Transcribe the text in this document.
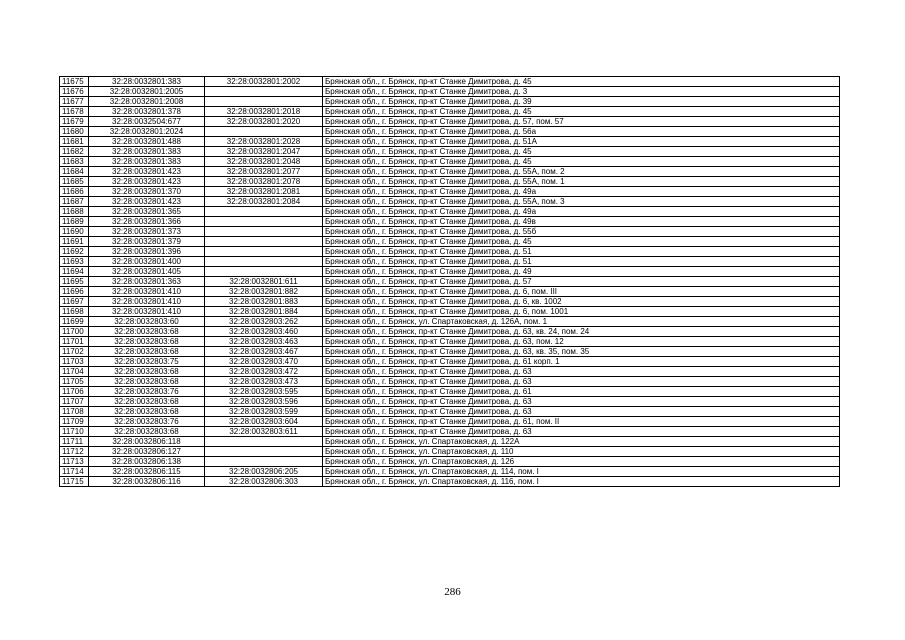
11675	32:28:0032801:383	32:28:0032801:2002	Брянская обл., г. Брянск, пр-кт Станке Димитрова, д. 45
11676	32:28:0032801:2005		Брянская обл., г. Брянск, пр-кт Станке Димитрова, д. 3
11677	32:28:0032801:2008		Брянская обл., г. Брянск, пр-кт Станке Димитрова, д. 39
11678	32:28:0032801:378	32:28:0032801:2018	Брянская обл., г. Брянск, пр-кт Станке Димитрова, д. 45
11679	32:28:0032504:677	32:28:0032801:2020	Брянская обл., г. Брянск, пр-кт Станке Димитрова, д. 57, пом. 57
11680	32:28:0032801:2024		Брянская обл., г. Брянск, пр-кт Станке Димитрова, д. 56а
11681	32:28:0032801:488	32:28:0032801:2028	Брянская обл., г. Брянск, пр-кт Станке Димитрова, д. 51А
11682	32:28:0032801:383	32:28:0032801:2047	Брянская обл., г. Брянск, пр-кт Станке Димитрова, д. 45
11683	32:28:0032801:383	32:28:0032801:2048	Брянская обл., г. Брянск, пр-кт Станке Димитрова, д. 45
11684	32:28:0032801:423	32:28:0032801:2077	Брянская обл., г. Брянск, пр-кт Станке Димитрова, д. 55А, пом. 2
11685	32:28:0032801:423	32:28:0032801:2078	Брянская обл., г. Брянск, пр-кт Станке Димитрова, д. 55А, пом. 1
11686	32:28:0032801:370	32:28:0032801:2081	Брянская обл., г. Брянск, пр-кт Станке Димитрова, д. 49а
11687	32:28:0032801:423	32:28:0032801:2084	Брянская обл., г. Брянск, пр-кт Станке Димитрова, д. 55А, пом. 3
11688	32:28:0032801:365		Брянская обл., г. Брянск, пр-кт Станке Димитрова, д. 49а
11689	32:28:0032801:366		Брянская обл., г. Брянск, пр-кт Станке Димитрова, д. 49в
11690	32:28:0032801:373		Брянская обл., г. Брянск, пр-кт Станке Димитрова, д. 55б
11691	32:28:0032801:379		Брянская обл., г. Брянск, пр-кт Станке Димитрова, д. 45
11692	32:28:0032801:396		Брянская обл., г. Брянск, пр-кт Станке Димитрова, д. 51
11693	32:28:0032801:400		Брянская обл., г. Брянск, пр-кт Станке Димитрова, д. 51
11694	32:28:0032801:405		Брянская обл., г. Брянск, пр-кт Станке Димитрова, д. 49
11695	32:28:0032801:363	32:28:0032801:611	Брянская обл., г. Брянск, пр-кт Станке Димитрова, д. 57
11696	32:28:0032801:410	32:28:0032801:882	Брянская обл., г. Брянск, пр-кт Станке Димитрова, д. 6, пом. III
11697	32:28:0032801:410	32:28:0032801:883	Брянская обл., г. Брянск, пр-кт Станке Димитрова, д. 6, кв. 1002
11698	32:28:0032801:410	32:28:0032801:884	Брянская обл., г. Брянск, пр-кт Станке Димитрова, д. 6, пом. 1001
11699	32:28:0032803:60	32:28:0032803:262	Брянская обл., г. Брянск, ул. Спартаковская, д. 126А, пом. 1
11700	32:28:0032803:68	32:28:0032803:460	Брянская обл., г. Брянск, пр-кт Станке Димитрова, д. 63, кв. 24, пом. 24
11701	32:28:0032803:68	32:28:0032803:463	Брянская обл., г. Брянск, пр-кт Станке Димитрова, д. 63, пом. 12
11702	32:28:0032803:68	32:28:0032803:467	Брянская обл., г. Брянск, пр-кт Станке Димитрова, д. 63, кв. 35, пом. 35
11703	32:28:0032803:75	32:28:0032803:470	Брянская обл., г. Брянск, пр-кт Станке Димитрова, д. 61 корп. 1
11704	32:28:0032803:68	32:28:0032803:472	Брянская обл., г. Брянск, пр-кт Станке Димитрова, д. 63
11705	32:28:0032803:68	32:28:0032803:473	Брянская обл., г. Брянск, пр-кт Станке Димитрова, д. 63
11706	32:28:0032803:76	32:28:0032803:595	Брянская обл., г. Брянск, пр-кт Станке Димитрова, д. 61
11707	32:28:0032803:68	32:28:0032803:596	Брянская обл., г. Брянск, пр-кт Станке Димитрова, д. 63
11708	32:28:0032803:68	32:28:0032803:599	Брянская обл., г. Брянск, пр-кт Станке Димитрова, д. 63
11709	32:28:0032803:76	32:28:0032803:604	Брянская обл., г. Брянск, пр-кт Станке Димитрова, д. 61, пом. II
11710	32:28:0032803:68	32:28:0032803:611	Брянская обл., г. Брянск, пр-кт Станке Димитрова, д. 63
11711	32:28:0032806:118		Брянская обл., г. Брянск, ул. Спартаковская, д. 122А
11712	32:28:0032806:127		Брянская обл., г. Брянск, ул. Спартаковская, д. 110
11713	32:28:0032806:138		Брянская обл., г. Брянск, ул. Спартаковская, д. 126
11714	32:28:0032806:115	32:28:0032806:205	Брянская обл., г. Брянск, ул. Спартаковская, д. 114, пом. I
11715	32:28:0032806:116	32:28:0032806:303	Брянская обл., г. Брянск, ул. Спартаковская, д. 116, пом. I
286
